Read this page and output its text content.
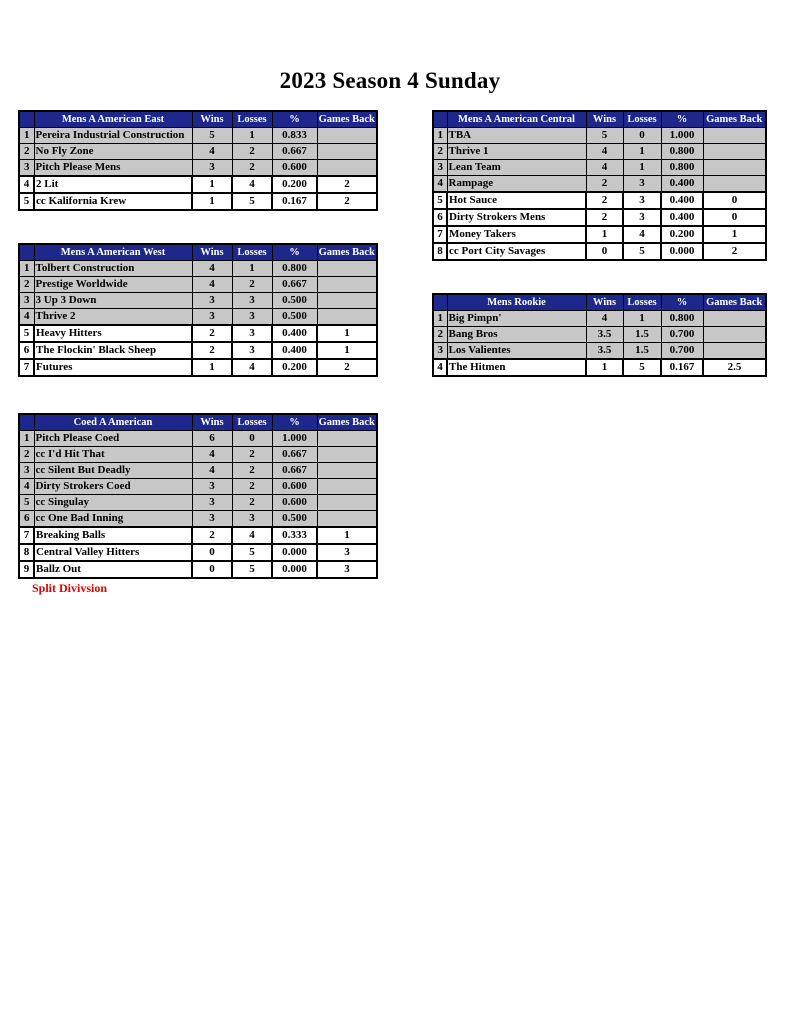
2023 Season 4 Sunday
	Mens A American East	Wins	Losses	%	Games Back
1	Pereira Industrial Construction	5	1	0.833	
2	No Fly Zone	4	2	0.667	
3	Pitch Please Mens	3	2	0.600	
4	2 Lit	1	4	0.200	2
5	cc Kalifornia Krew	1	5	0.167	2
	Mens A American Central	Wins	Losses	%	Games Back
1	TBA	5	0	1.000	
2	Thrive 1	4	1	0.800	
3	Lean Team	4	1	0.800	
4	Rampage	2	3	0.400	
5	Hot Sauce	2	3	0.400	0
6	Dirty Strokers Mens	2	3	0.400	0
7	Money Takers	1	4	0.200	1
8	cc Port City Savages	0	5	0.000	2
	Mens A American West	Wins	Losses	%	Games Back
1	Tolbert Construction	4	1	0.800	
2	Prestige Worldwide	4	2	0.667	
3	3 Up 3 Down	3	3	0.500	
4	Thrive 2	3	3	0.500	
5	Heavy Hitters	2	3	0.400	1
6	The Flockin' Black Sheep	2	3	0.400	1
7	Futures	1	4	0.200	2
	Mens Rookie	Wins	Losses	%	Games Back
1	Big Pimpn'	4	1	0.800	
2	Bang Bros	3.5	1.5	0.700	
3	Los Valientes	3.5	1.5	0.700	
4	The Hitmen	1	5	0.167	2.5
	Coed A American	Wins	Losses	%	Games Back
1	Pitch Please Coed	6	0	1.000	
2	cc I'd Hit That	4	2	0.667	
3	cc Silent But Deadly	4	2	0.667	
4	Dirty Strokers Coed	3	2	0.600	
5	cc Singulay	3	2	0.600	
6	cc One Bad Inning	3	3	0.500	
7	Breaking Balls	2	4	0.333	1
8	Central Valley Hitters	0	5	0.000	3
9	Ballz Out	0	5	0.000	3
Split Divivsion
